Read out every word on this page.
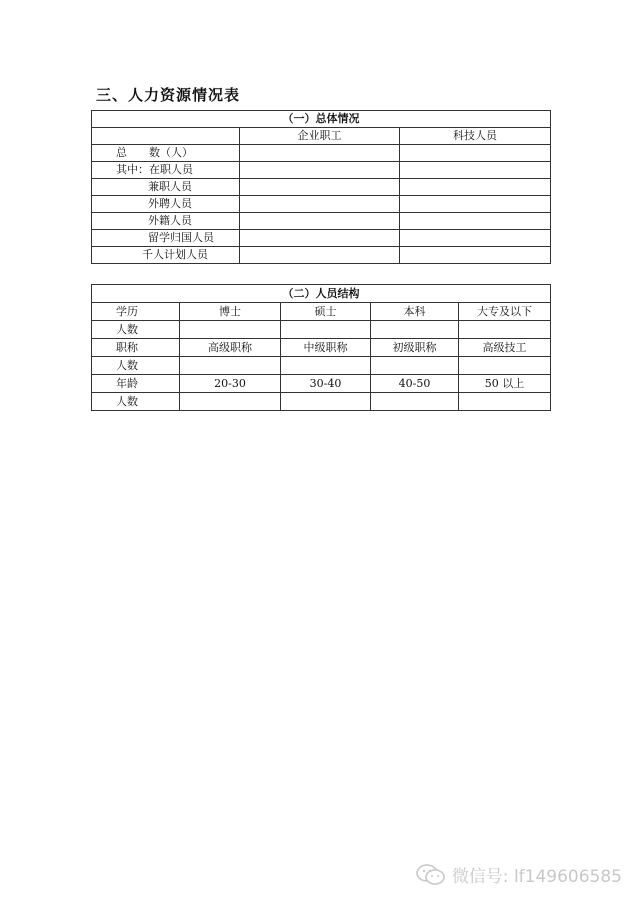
三、人力资源情况表
（一）总体情况		
	企业职工	科技人员
总　　数（人）		
其中：在职人员		
兼职人员		
外聘人员		
外籍人员		
留学归国人员		
千人计划人员		
（二）人员结构				
学历	博士	硕士	本科	大专及以下
人数				
职称	高级职称	中级职称	初级职称	高级技工
人数				
年龄	20-30	30-40	40-50	50 以上
人数				
微信号: lf149606585
